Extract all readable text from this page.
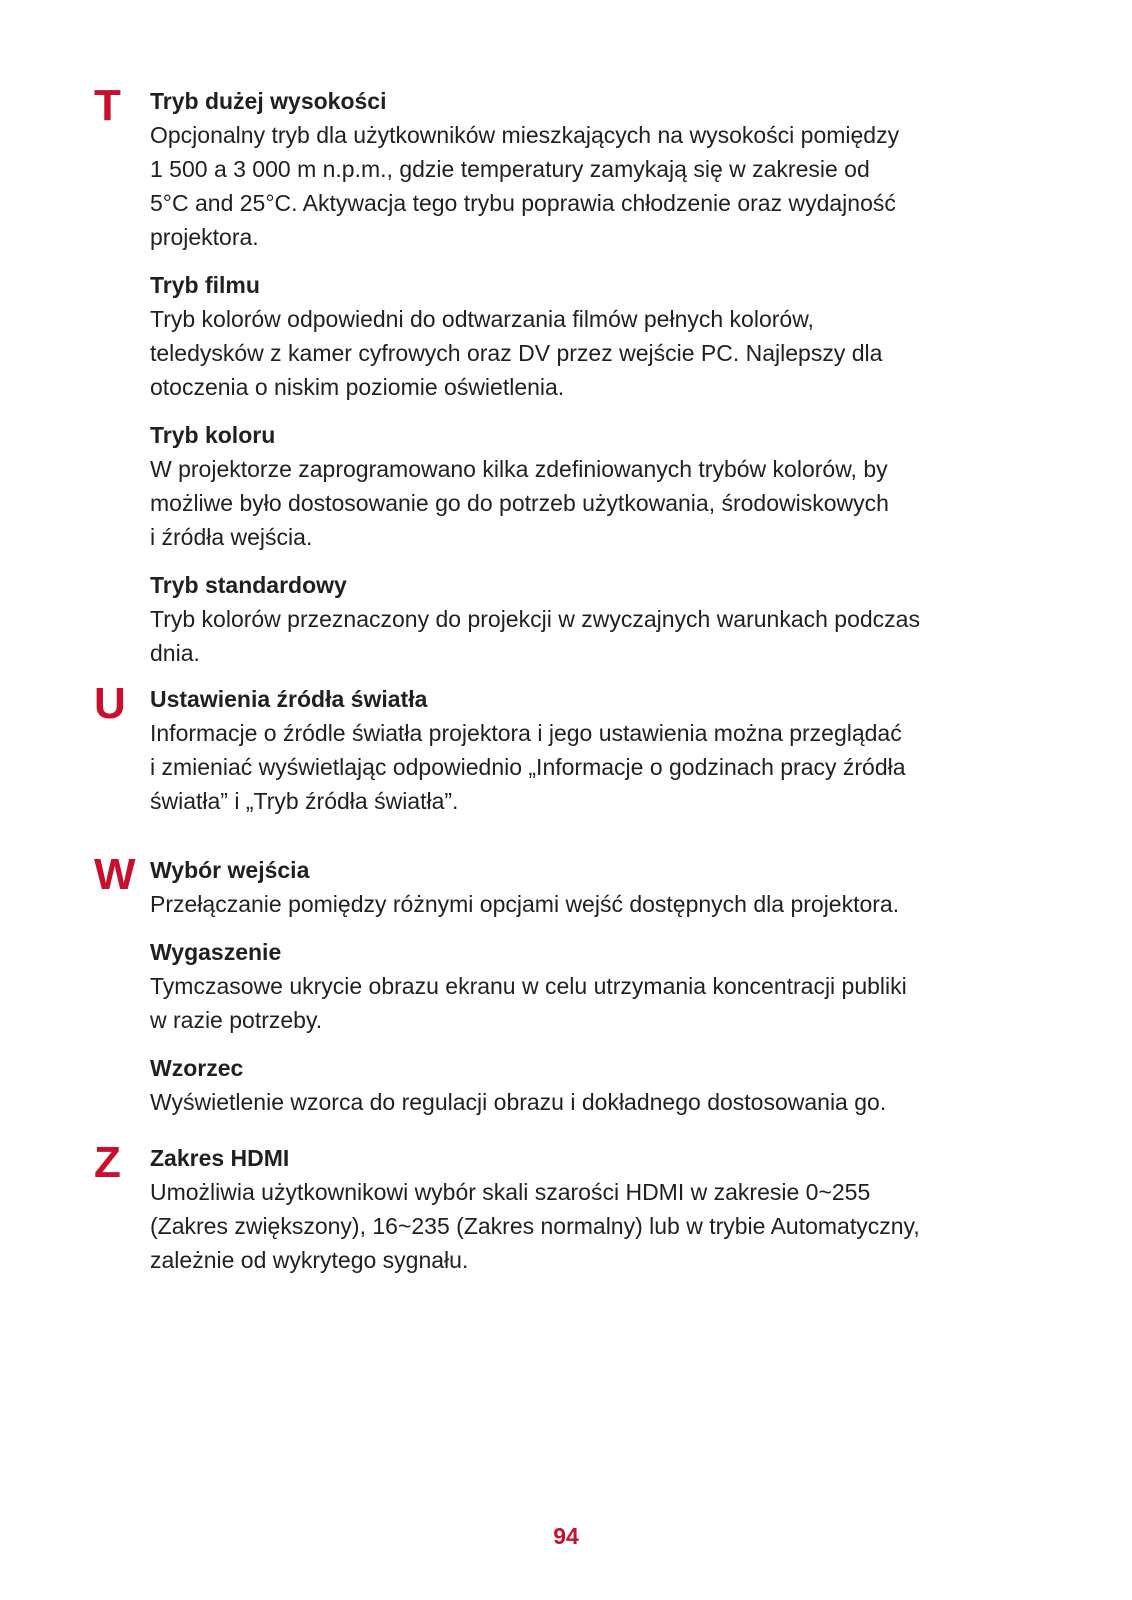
T Tryb dużej wysokości
Opcjonalny tryb dla użytkowników mieszkających na wysokości pomiędzy
1 500 a 3 000 m n.p.m., gdzie temperatury zamykają się w zakresie od
5°C and 25°C. Aktywacja tego trybu poprawia chłodzenie oraz wydajność
projektora.
Tryb filmu
Tryb kolorów odpowiedni do odtwarzania filmów pełnych kolorów,
teledysków z kamer cyfrowych oraz DV przez wejście PC. Najlepszy dla
otoczenia o niskim poziomie oświetlenia.
Tryb koloru
W projektorze zaprogramowano kilka zdefiniowanych trybów kolorów, by
możliwe było dostosowanie go do potrzeb użytkowania, środowiskowych
i źródła wejścia.
Tryb standardowy
Tryb kolorów przeznaczony do projekcji w zwyczajnych warunkach podczas
dnia.
U Ustawienia źródła światła
Informacje o źródle światła projektora i jego ustawienia można przeglądać
i zmieniać wyświetlając odpowiednio „Informacje o godzinach pracy źródła
światła” i „Tryb źródła światła”.
W Wybór wejścia
Przełączanie pomiędzy różnymi opcjami wejść dostępnych dla projektora.
Wygaszenie
Tymczasowe ukrycie obrazu ekranu w celu utrzymania koncentracji publiki
w razie potrzeby.
Wzorzec
Wyświetlenie wzorca do regulacji obrazu i dokładnego dostosowania go.
Z Zakres HDMI
Umożliwia użytkownikowi wybór skali szarości HDMI w zakresie 0~255
(Zakres zwiększony), 16~235 (Zakres normalny) lub w trybie Automatyczny,
zależnie od wykrytego sygnału.
94
